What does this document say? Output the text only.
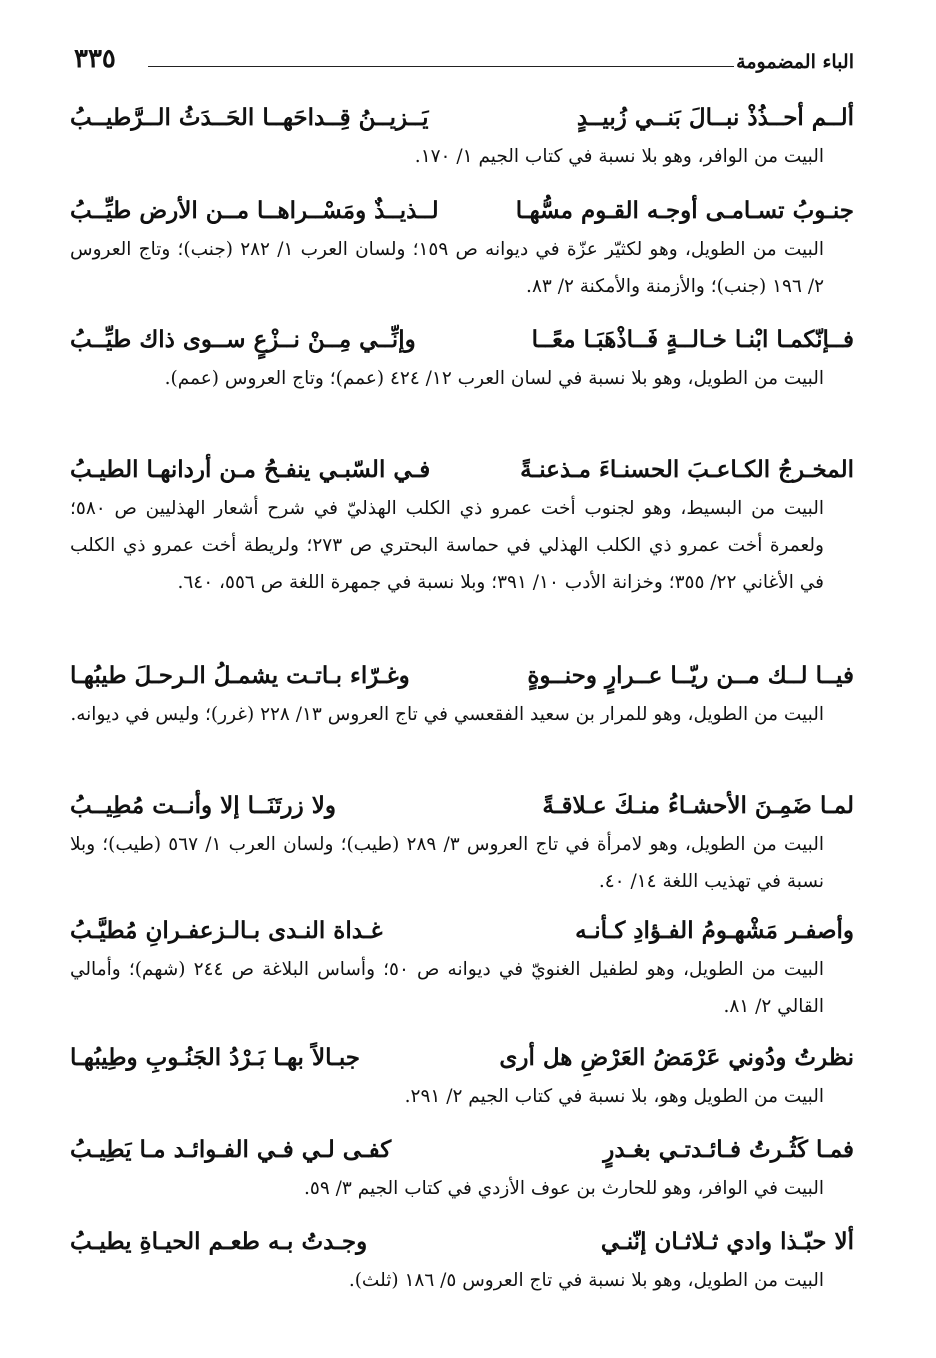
٣٣٥	الباء المضمومة
ألــم أحــذُذْ نبــالَ بَنــي زُبيــدٍ
يَــزيــنُ قِــداحَهــا الحَــدَثُ الــرَّطيــبُ
البيت من الوافر، وهو بلا نسبة في كتاب الجيم ١/ ١٧٠.
جنـوبُ تسـامـى أوجـه القـوم مسُّهـا
لــذيــذٌ ومَسْــراهــا مــن الأرض طيِّــبُ
البيت من الطويل، وهو لكثيّر عزّة في ديوانه ص ١٥٩؛ ولسان العرب ١/ ٢٨٢ (جنب)؛ وتاج العروس ٢/ ١٩٦ (جنب)؛ والأزمنة والأمكنة ٢/ ٨٣.
فــإنّكمـا ابْنـا خـالــةٍ فَــاذْهَبَـا معًــا
وإنِّــي مِــنْ نــزْعٍ ســوى ذاك طيِّــبُ
البيت من الطويل، وهو بلا نسبة في لسان العرب ١٢/ ٤٢٤ (عمم)؛ وتاج العروس (عمم).
المخـرجُ الكـاعـبَ الحسنـاءَ مـذعنـةً
فـي السّبـي ينفـحُ مـن أردانهـا الطيـبُ
البيت من البسيط، وهو لجنوب أخت عمرو ذي الكلب الهذليّ في شرح أشعار الهذليين ص ٥٨٠؛ ولعمرة أخت عمرو ذي الكلب الهذلي في حماسة البحتري ص ٢٧٣؛ ولريطة أخت عمرو ذي الكلب في الأغاني ٢٢/ ٣٥٥؛ وخزانة الأدب ١٠/ ٣٩١؛ وبلا نسبة في جمهرة اللغة ص ٥٥٦، ٦٤٠.
فيــا لــك مــن ريّــا عــرارٍ وحنــوةٍ
وغـرّاء بـاتـت يشمـلُ الـرحـلَ طيبُهـا
البيت من الطويل، وهو للمرار بن سعيد الفقعسي في تاج العروس ١٣/ ٢٢٨ (غرر)؛ وليس في ديوانه.
لمـا ضَمِـنَ الأحشـاءُ منـكَ عـلاقـةً
ولا زرتَنَــا إلا وأنــت مُطِيــبُ
البيت من الطويل، وهو لامرأة في تاج العروس ٣/ ٢٨٩ (طيب)؛ ولسان العرب ١/ ٥٦٧ (طيب)؛ وبلا نسبة في تهذيب اللغة ١٤/ ٤٠.
وأصفـر مَشْهـومُ الفـؤادِ كـأنـه
غـداة النـدى بـالـزعفـرانِ مُطيَّـبُ
البيت من الطويل، وهو لطفيل الغنويّ في ديوانه ص ٥٠؛ وأساس البلاغة ص ٢٤٤ (شهم)؛ وأمالي القالي ٢/ ٨١.
نظرتُ ودُوني عَرْمَضُ العَرْضِ هل أرى
جبـالاً بهـا بَـرْدُ الجَنُـوبِ وطِيبُهـا
البيت من الطويل وهو، بلا نسبة في كتاب الجيم ٢/ ٢٩١.
فمـا كَثُـرتُ فـائـدتـي بغـدرٍ
كفـى لـي فـي الفـوائـد مـا يَطِيـبُ
البيت في الوافر، وهو للحارث بن عوف الأزدي في كتاب الجيم ٣/ ٥٩.
ألا حبّـذا وادي ثـلاثـان إنّنـي
وجـدتُ بـه طعـم الحيـاةِ يطيـبُ
البيت من الطويل، وهو بلا نسبة في تاج العروس ٥/ ١٨٦ (ثلث).
